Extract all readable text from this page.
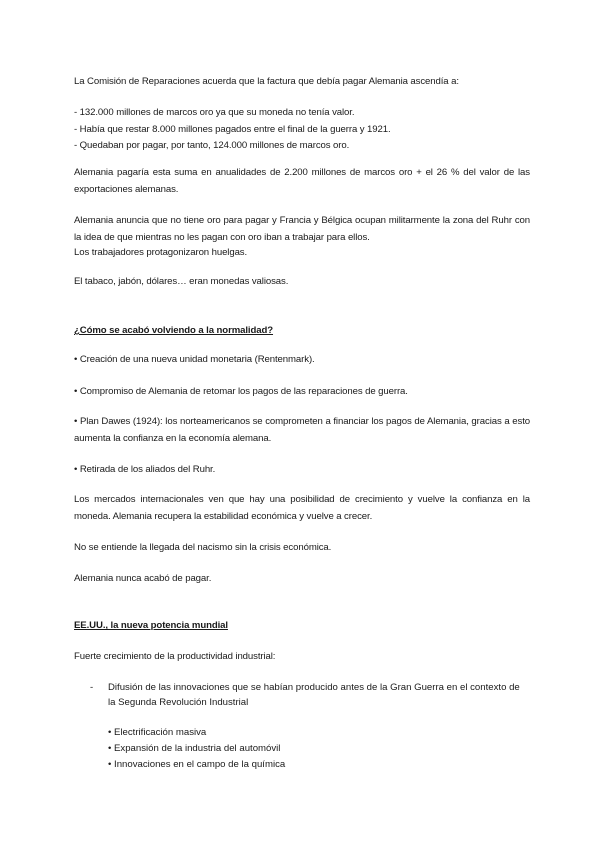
La Comisión de Reparaciones acuerda que la factura que debía pagar Alemania ascendía a:
- 132.000 millones de marcos oro ya que su moneda no tenía valor.
- Había que restar 8.000 millones pagados entre el final de la guerra y 1921.
- Quedaban por pagar, por tanto, 124.000 millones de marcos oro.
Alemania pagaría esta suma en anualidades de 2.200 millones de marcos oro + el 26 % del valor de las exportaciones alemanas.
Alemania anuncia que no tiene oro para pagar y Francia y Bélgica ocupan militarmente la zona del Ruhr con la idea de que mientras no les pagan con oro iban a trabajar para ellos.
Los trabajadores protagonizaron huelgas.
El tabaco, jabón, dólares… eran monedas valiosas.
¿Cómo se acabó volviendo a la normalidad?
• Creación de una nueva unidad monetaria (Rentenmark).
• Compromiso de Alemania de retomar los pagos de las reparaciones de guerra.
• Plan Dawes (1924): los norteamericanos se comprometen a financiar los pagos de Alemania, gracias a esto aumenta la confianza en la economía alemana.
• Retirada de los aliados del Ruhr.
Los mercados internacionales ven que hay una posibilidad de crecimiento y vuelve la confianza en la moneda. Alemania recupera la estabilidad económica y vuelve a crecer.
No se entiende la llegada del nacismo sin la crisis económica.
Alemania nunca acabó de pagar.
EE.UU., la nueva potencia mundial
Fuerte crecimiento de la productividad industrial:
- Difusión de las innovaciones que se habían producido antes de la Gran Guerra en el contexto de la Segunda Revolución Industrial
• Electrificación masiva
• Expansión de la industria del automóvil
• Innovaciones en el campo de la química
